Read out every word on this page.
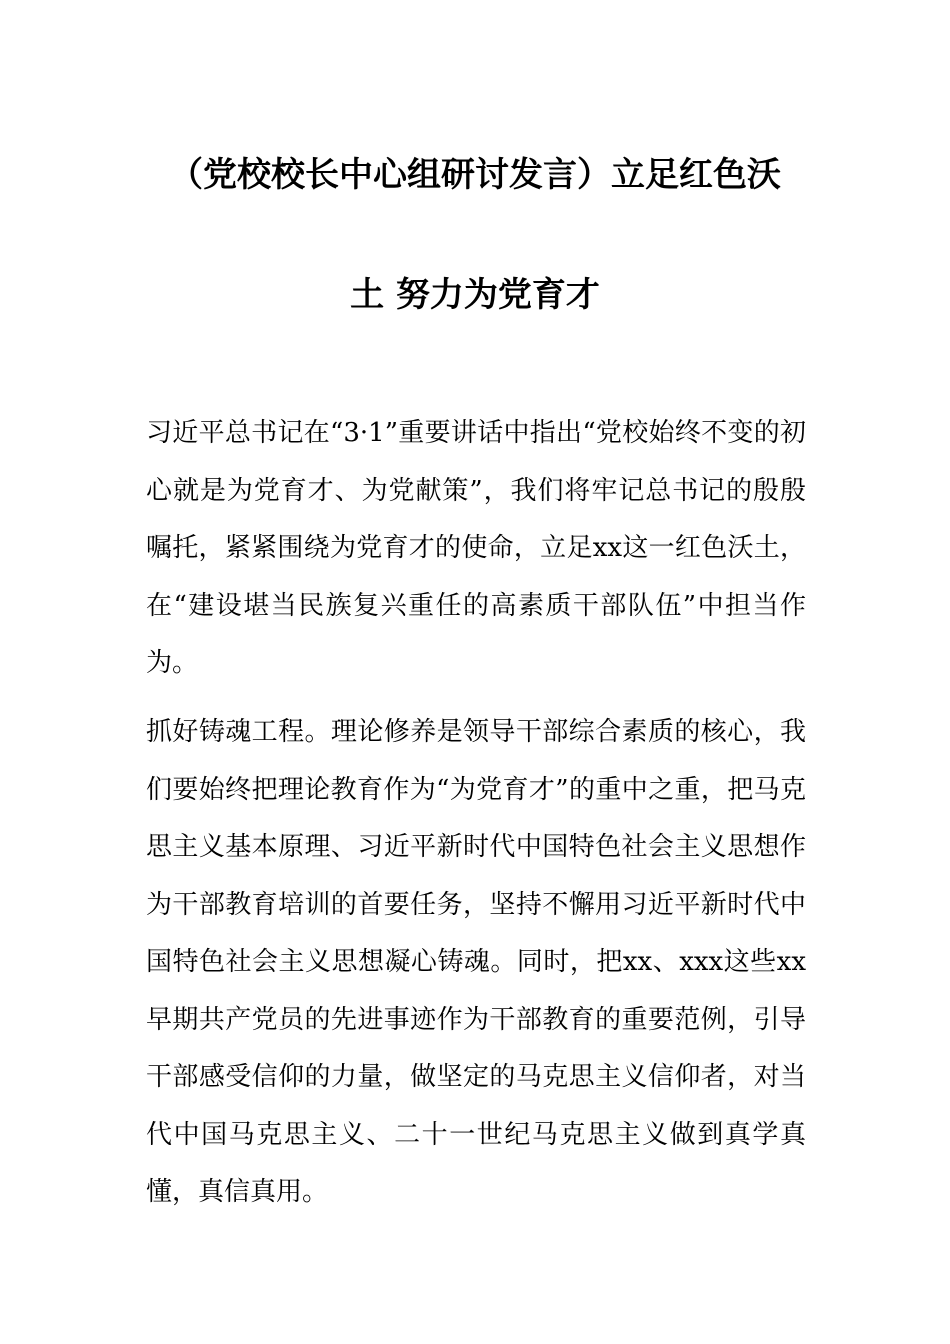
（党校校长中心组研讨发言）立足红色沃
土 努力为党育才

习近平总书记在“3·1”重要讲话中指出“党校始终不变的初心就是为党育才、为党献策”，我们将牢记总书记的殷殷嘱托，紧紧围绕为党育才的使命，立足xx这一红色沃土，在“建设堪当民族复兴重任的高素质干部队伍”中担当作为。

抓好铸魂工程。理论修养是领导干部综合素质的核心，我们要始终把理论教育作为“为党育才”的重中之重，把马克思主义基本原理、习近平新时代中国特色社会主义思想作为干部教育培训的首要任务，坚持不懈用习近平新时代中国特色社会主义思想凝心铸魂。同时，把xx、xxx这些xx早期共产党员的先进事迹作为干部教育的重要范例，引导干部感受信仰的力量，做坚定的马克思主义信仰者，对当代中国马克思主义、二十一世纪马克思主义做到真学真懂，真信真用。
